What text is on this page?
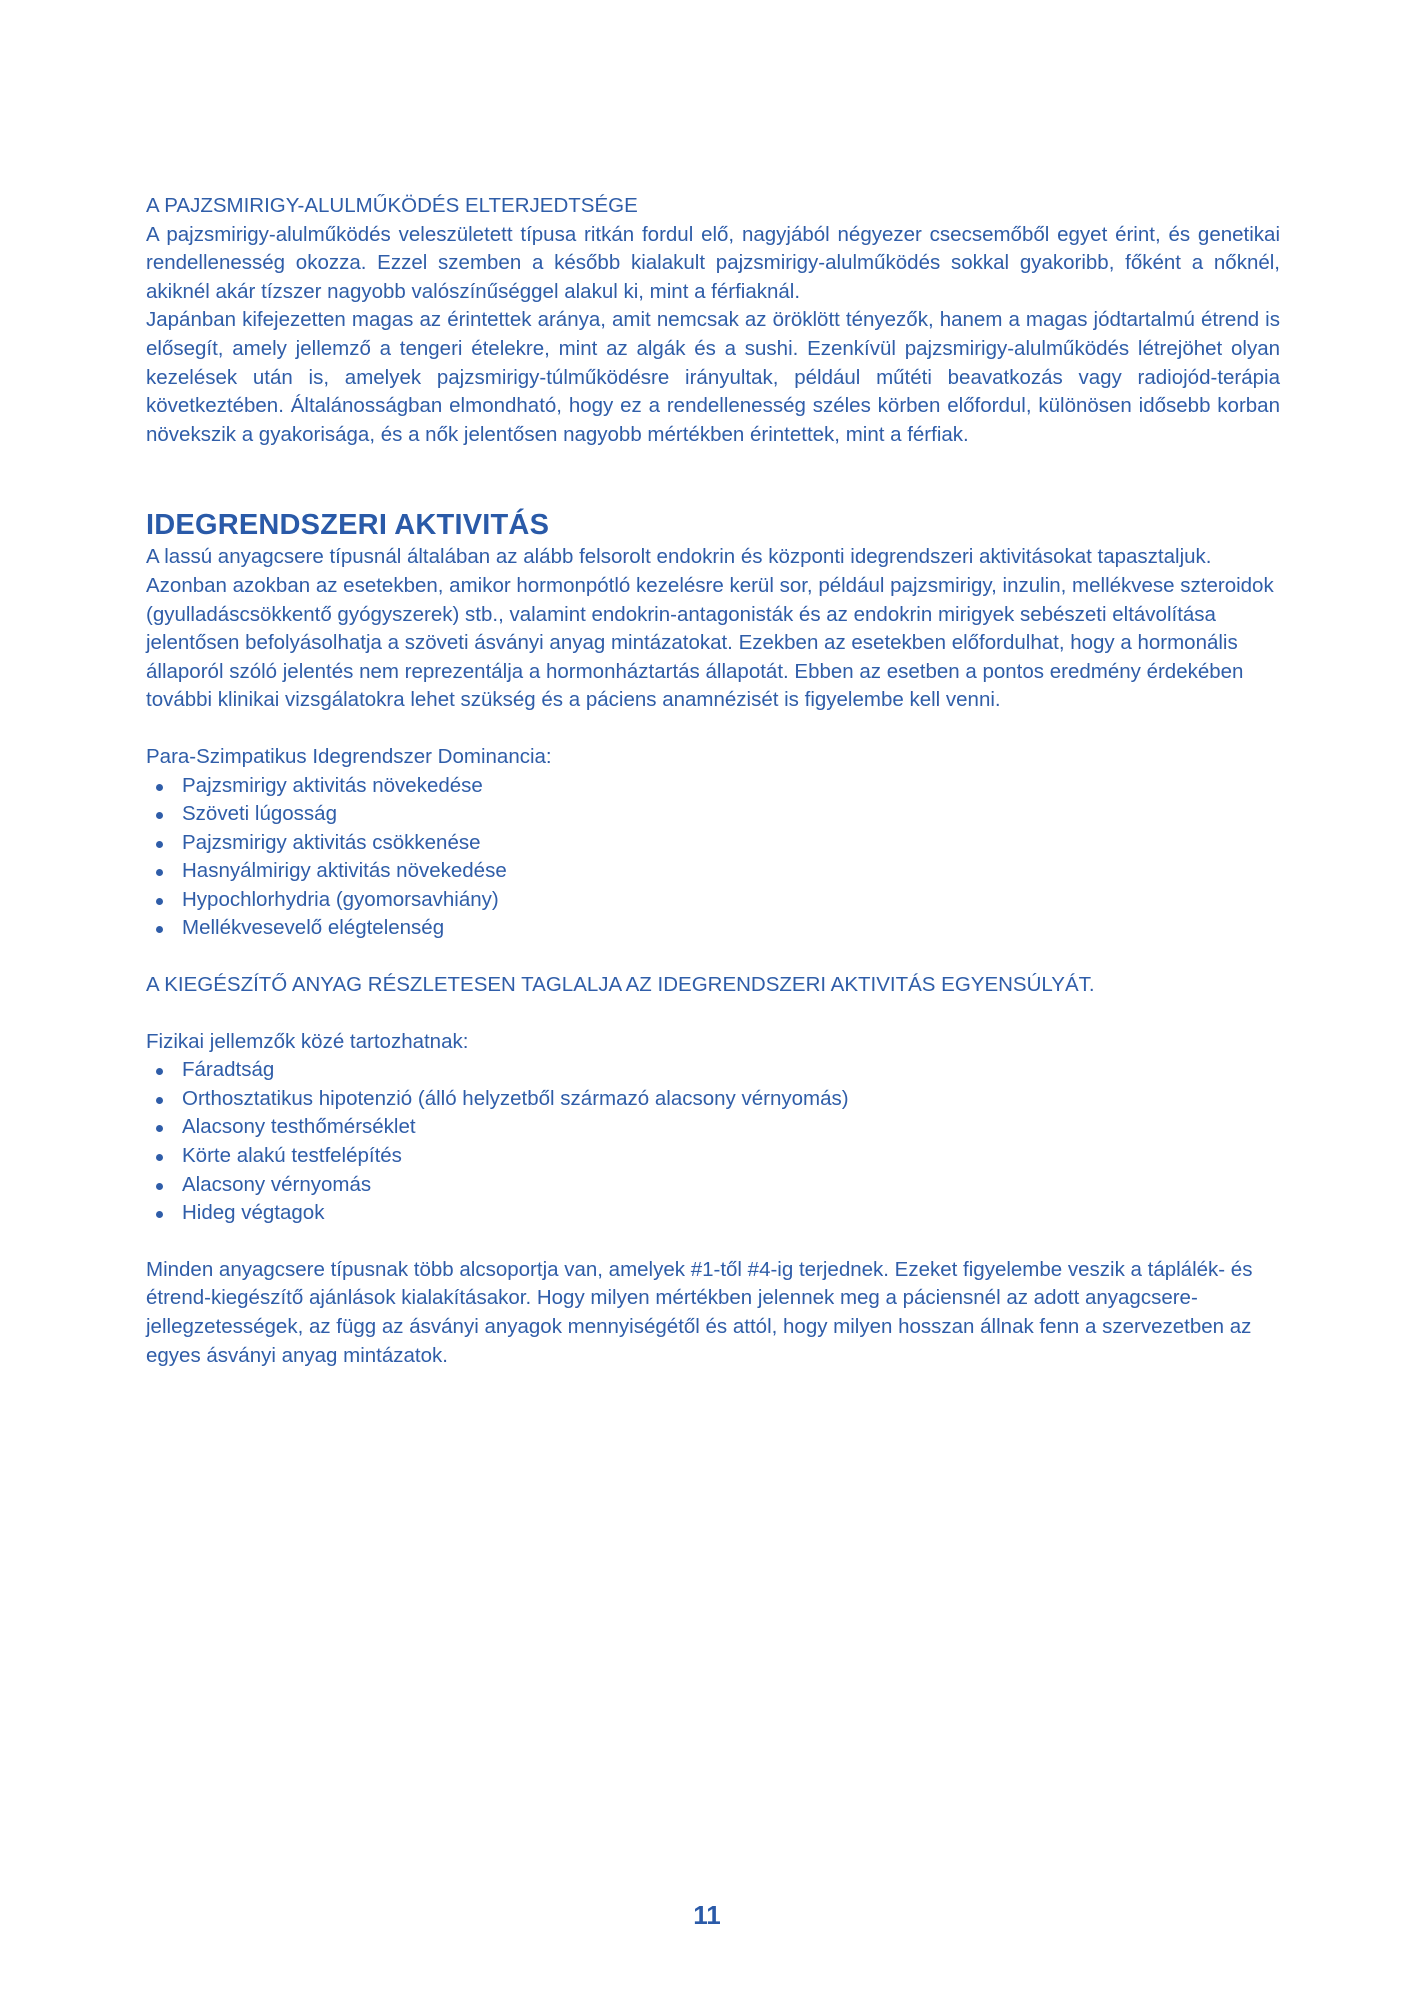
A PAJZSMIRIGY-ALULMŰKÖDÉS ELTERJEDTSÉGE

A pajzsmirigy-alulműködés veleszületett típusa ritkán fordul elő, nagyjából négyezer csecsemőből egyet érint, és genetikai rendellenesség okozza. Ezzel szemben a később kialakult pajzsmirigy-alulműködés sokkal gyakoribb, főként a nőknél, akiknél akár tízszer nagyobb valószínűséggel alakul ki, mint a férfiaknál.

Japánban kifejezetten magas az érintettek aránya, amit nemcsak az öröklött tényezők, hanem a magas jódtartalmú étrend is elősegít, amely jellemző a tengeri ételekre, mint az algák és a sushi. Ezenkívül pajzsmirigy-alulműködés létrejöhet olyan kezelések után is, amelyek pajzsmirigy-túlműködésre irányultak, például műtéti beavatkozás vagy radiojód-terápia következtében. Általánosságban elmondható, hogy ez a rendellenesség széles körben előfordul, különösen idősebb korban növekszik a gyakorisága, és a nők jelentősen nagyobb mértékben érintettek, mint a férfiak.

IDEGRENDSZERI AKTIVITÁS

A lassú anyagcsere típusnál általában az alább felsorolt endokrin és központi idegrendszeri aktivitásokat tapasztaljuk. Azonban azokban az esetekben, amikor hormonpótló kezelésre kerül sor, például pajzsmirigy, inzulin, mellékvese szteroidok (gyulladáscsökkentő gyógyszerek) stb., valamint endokrin-antagonisták és az endokrin mirigyek sebészeti eltávolítása jelentősen befolyásolhatja a szöveti ásványi anyag mintázatokat. Ezekben az esetekben előfordulhat, hogy a hormonális állaporól szóló jelentés nem reprezentálja a hormonháztartás állapotát. Ebben az esetben a pontos eredmény érdekében további klinikai vizsgálatokra lehet szükség és a páciens anamnézisét is figyelembe kell venni.

Para-Szimpatikus Idegrendszer Dominancia:

Pajzsmirigy aktivitás növekedése
Szöveti lúgosság
Pajzsmirigy aktivitás csökkenése
Hasnyálmirigy aktivitás növekedése
Hypochlorhydria (gyomorsavhiány)
Mellékvesevelő elégtelenség

A KIEGÉSZÍTŐ ANYAG RÉSZLETESEN TAGLALJA AZ IDEGRENDSZERI AKTIVITÁS EGYENSÚLYÁT.

Fizikai jellemzők közé tartozhatnak:

Fáradtság
Orthosztatikus hipotenzió (álló helyzetből származó alacsony vérnyomás)
Alacsony testhőmérséklet
Körte alakú testfelépítés
Alacsony vérnyomás
Hideg végtagok

Minden anyagcsere típusnak több alcsoportja van, amelyek #1-től #4-ig terjednek. Ezeket figyelembe veszik a táplálék- és étrend-kiegészítő ajánlások kialakításakor. Hogy milyen mértékben jelennek meg a páciensnél az adott anyagcsere-jellegzetességek, az függ az ásványi anyagok mennyiségétől és attól, hogy milyen hosszan állnak fenn a szervezetben az egyes ásványi anyag mintázatok.

11
